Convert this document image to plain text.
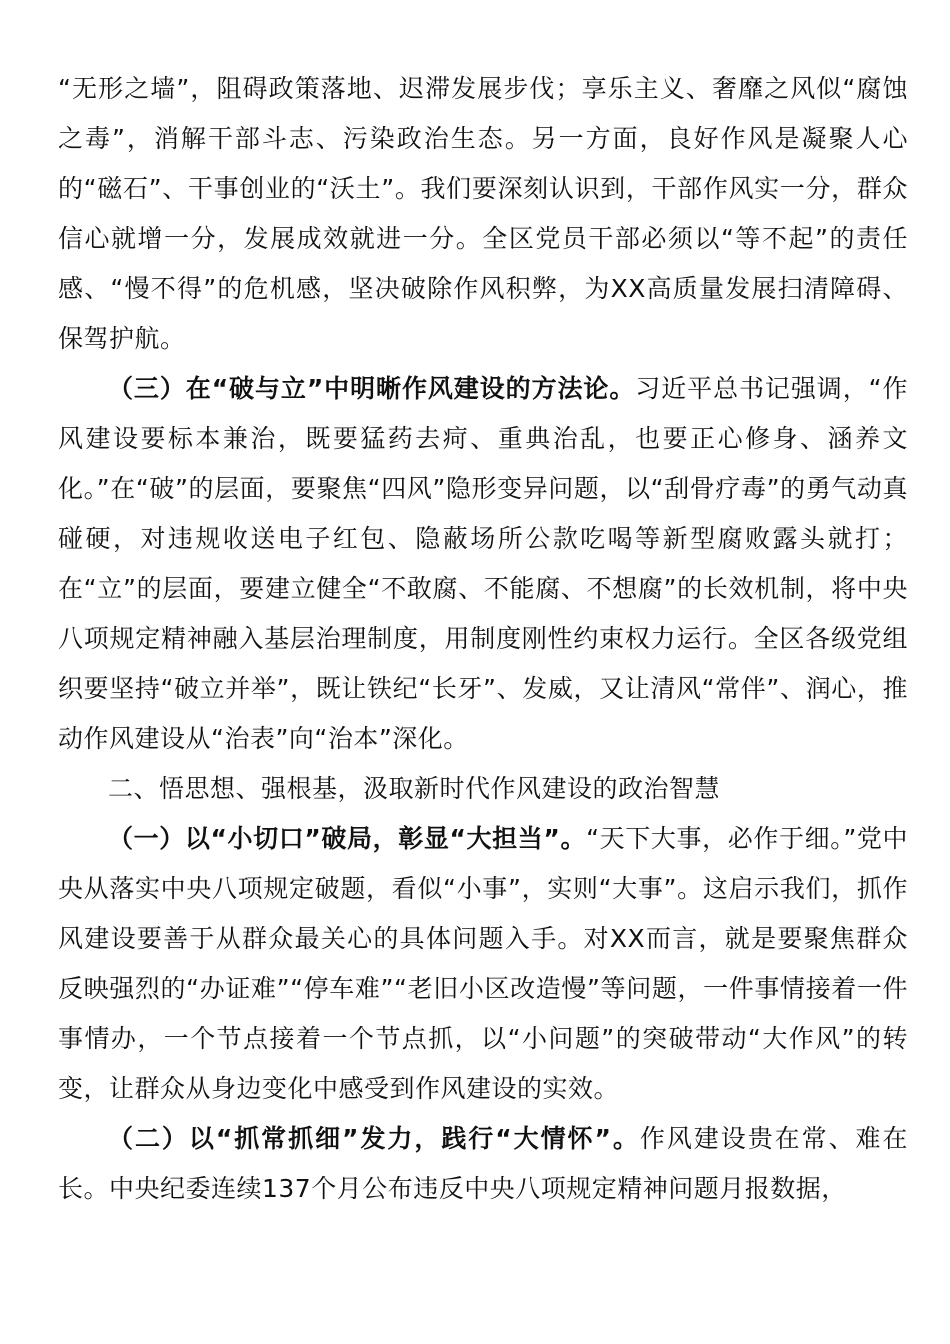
“无形之墙”，阻碍政策落地、迟滞发展步伐；享乐主义、奢靡之风似“腐蚀之毒”，消解干部斗志、污染政治生态。另一方面，良好作风是凝聚人心的“磁石”、干事创业的“沃土”。我们要深刻认识到，干部作风实一分，群众信心就增一分，发展成效就进一分。全区党员干部必须以“等不起”的责任感、“慢不得”的危机感，坚决破除作风积弊，为XX高质量发展扫清障碍、保驾护航。

（三）在“破与立”中明晰作风建设的方法论。习近平总书记强调，“作风建设要标本兼治，既要猛药去疴、重典治乱，也要正心修身、涵养文化。”在“破”的层面，要聚焦“四风”隐形变异问题，以“刮骨疗毒”的勇气动真碰硬，对违规收送电子红包、隐蔽场所公款吃喝等新型腐败露头就打；在“立”的层面，要建立健全“不敢腐、不能腐、不想腐”的长效机制，将中央八项规定精神融入基层治理制度，用制度刚性约束权力运行。全区各级党组织要坚持“破立并举”，既让铁纪“长牙”、发威，又让清风“常伴”、润心，推动作风建设从“治表”向“治本”深化。

二、悟思想、强根基，汲取新时代作风建设的政治智慧

（一）以“小切口”破局，彰显“大担当”。“天下大事，必作于细。”党中央从落实中央八项规定破题，看似“小事”，实则“大事”。这启示我们，抓作风建设要善于从群众最关心的具体问题入手。对XX而言，就是要聚焦群众反映强烈的“办证难”“停车难”“老旧小区改造慢”等问题，一件事情接着一件事情办，一个节点接着一个节点抓，以“小问题”的突破带动“大作风”的转变，让群众从身边变化中感受到作风建设的实效。

（二）以“抓常抓细”发力，践行“大情怀”。作风建设贵在常、难在长。中央纪委连续137个月公布违反中央八项规定精神问题月报数据，
